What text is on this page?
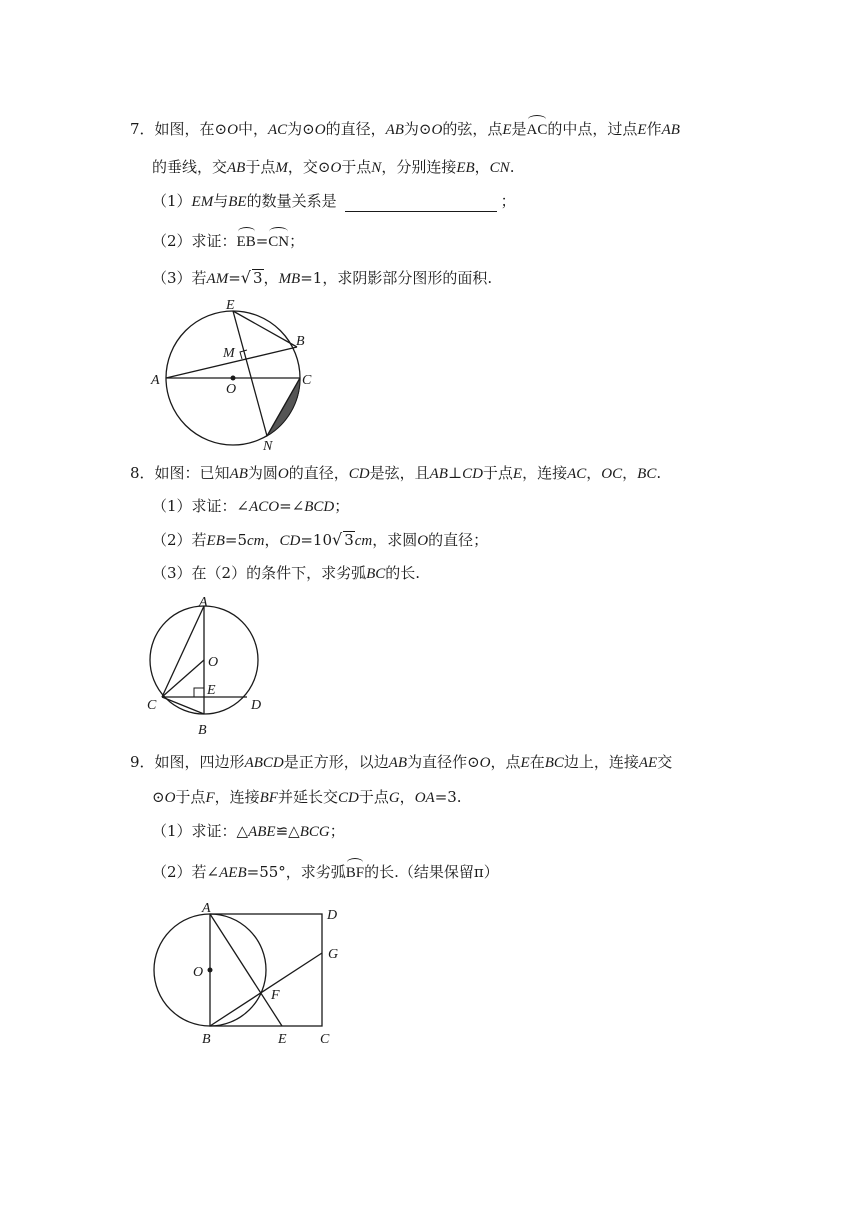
7．如图，在⊙O中，AC为⊙O的直径，AB为⊙O的弦，点E是AC的中点，过点E作AB
的垂线，交AB于点M，交⊙O于点N，分别连接EB，CN.
（1）EM与BE的数量关系是	；
（2）求证：EB=CN；
（3）若AM=√ 3，MB=1，求阴影部分图形的面积.
A
E
B
C
M
O
N
8．如图：已知AB为圆O的直径，CD是弦，且AB⊥CD于点E，连接AC，OC，BC.
（1）求证：∠ACO=∠BCD；
（2）若EB=5cm，CD=10√ 3cm，求圆O的直径；
（3）在（2）的条件下，求劣弧BC的长.
A
O
E
C	D
B
9．如图，四边形ABCD是正方形，以边AB为直径作⊙O，点E在BC边上，连接AE交
⊙O于点F，连接BF并延长交CD于点G，OA=3.
（1）求证：△ABE≌△BCG；
（2）若∠AEB=55°，求劣弧BF的长.（结果保留π）
A	D
G
O
F
B	E C
